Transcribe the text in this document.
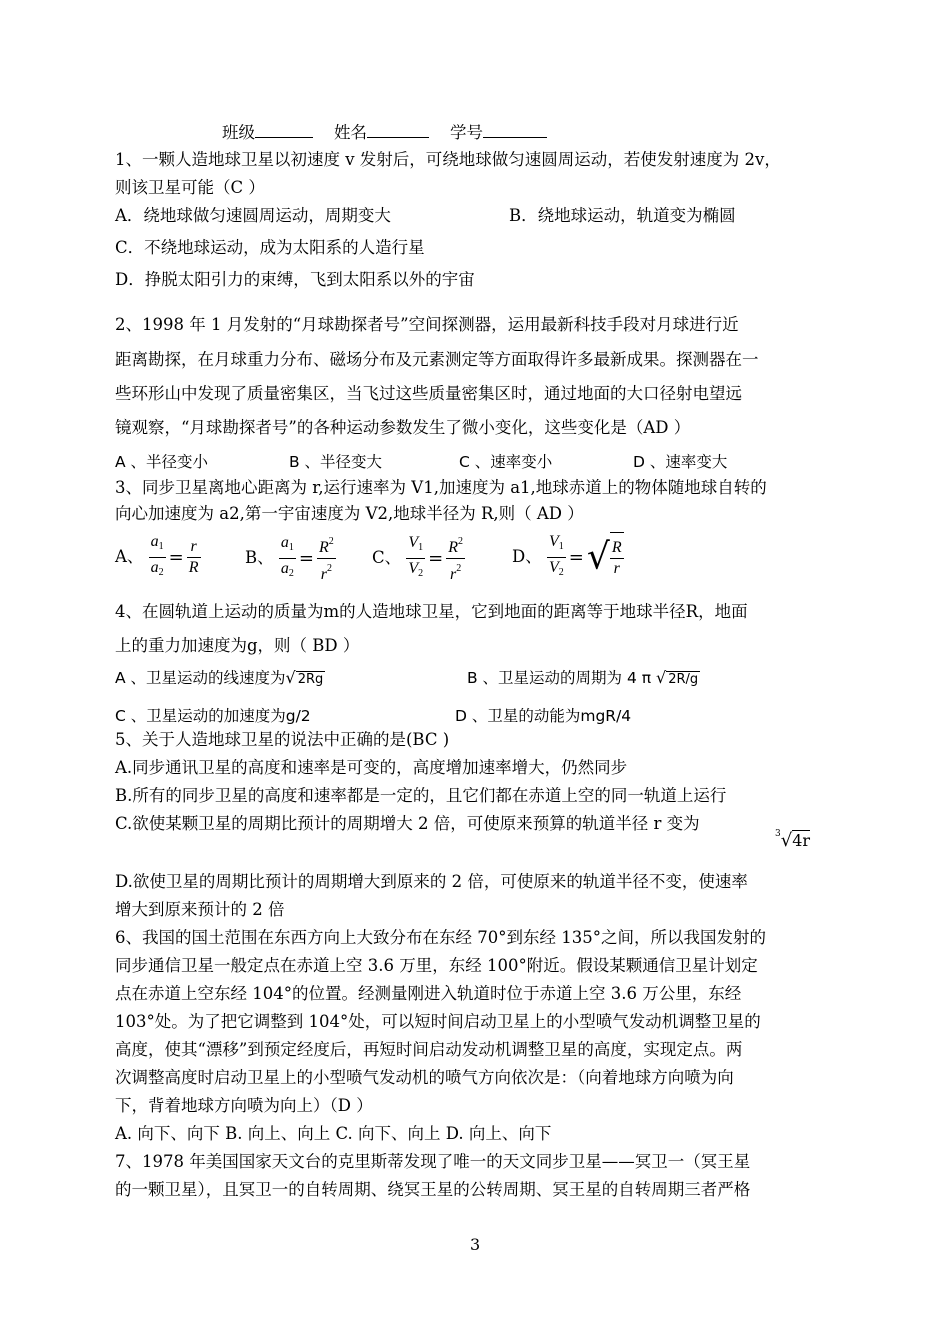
班级	姓名	学号
1、一颗人造地球卫星以初速度 v 发射后，可绕地球做匀速圆周运动，若使发射速度为 2v，
则该卫星可能（C ）
A．绕地球做匀速圆周运动，周期变大	B．绕地球运动，轨道变为椭圆
C．不绕地球运动，成为太阳系的人造行星
D．挣脱太阳引力的束缚，飞到太阳系以外的宇宙
2、1998 年 1 月发射的“月球勘探者号”空间探测器，运用最新科技手段对月球进行近
距离勘探，在月球重力分布、磁场分布及元素测定等方面取得许多最新成果。探测器在一
些环形山中发现了质量密集区，当飞过这些质量密集区时，通过地面的大口径射电望远
镜观察，“月球勘探者号”的各种运动参数发生了微小变化，这些变化是（AD ）
A 、半径变小	B 、半径变大	C 、速率变小	D 、速率变大
3、同步卫星离地心距离为 r,运行速率为 V1,加速度为 a1,地球赤道上的物体随地球自转的
向心加速度为 a2,第一宇宙速度为 V2,地球半径为 R,则（ AD ）
A、 $\frac{a_1}{a_2} = \frac{r}{R}$	B、 $\frac{a_1}{a_2} = \frac{R^2}{r^2}$ C、 $\frac{V_1}{V_2} = \frac{R^2}{r^2}$	D、 $\frac{V_1}{V_2}$ =√ $\frac{R}{r}$
4、在圆轨道上运动的质量为m的人造地球卫星，它到地面的距离等于地球半径R，地面
上的重力加速度为g，则（ BD ）
A 、卫星运动的线速度为√ 2Rg	B 、卫星运动的周期为 4 π √ 2R/g
C 、卫星运动的加速度为g/2	D 、卫星的动能为mgR/4
5、关于人造地球卫星的说法中正确的是(BC )
A.同步通讯卫星的高度和速率是可变的，高度增加速率增大，仍然同步
B.所有的同步卫星的高度和速率都是一定的，且它们都在赤道上空的同一轨道上运行
C.欲使某颗卫星的周期比预计的周期增大 2 倍，可使原来预算的轨道半径 r 变为
$^3$√4r
D.欲使卫星的周期比预计的周期增大到原来的 2 倍，可使原来的轨道半径不变，使速率
增大到原来预计的 2 倍
6、我国的国土范围在东西方向上大致分布在东经 70°到东经 135°之间，所以我国发射的
同步通信卫星一般定点在赤道上空 3.6 万里，东经 100°附近。假设某颗通信卫星计划定
点在赤道上空东经 104°的位置。经测量刚进入轨道时位于赤道上空 3.6 万公里，东经
103°处。为了把它调整到 104°处，可以短时间启动卫星上的小型喷气发动机调整卫星的
高度，使其“漂移”到预定经度后，再短时间启动发动机调整卫星的高度，实现定点。两
次调整高度时启动卫星上的小型喷气发动机的喷气方向依次是：（向着地球方向喷为向
下，背着地球方向喷为向上）（D ）
A. 向下、向下 B. 向上、向上 C. 向下、向上 D. 向上、向下
7、1978 年美国国家天文台的克里斯蒂发现了唯一的天文同步卫星——冥卫一（冥王星
的一颗卫星），且冥卫一的自转周期、绕冥王星的公转周期、冥王星的自转周期三者严格
3
